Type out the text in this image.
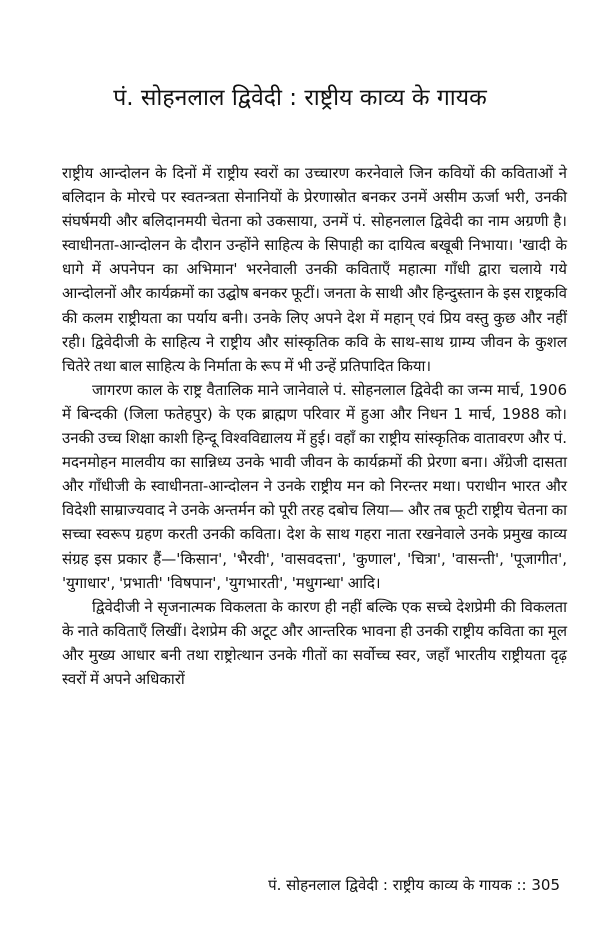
पं. सोहनलाल द्विवेदी : राष्ट्रीय काव्य के गायक

राष्ट्रीय आन्दोलन के दिनों में राष्ट्रीय स्वरों का उच्चारण करनेवाले जिन कवियों की कविताओं ने बलिदान के मोरचे पर स्वतन्त्रता सेनानियों के प्रेरणास्रोत बनकर उनमें असीम ऊर्जा भरी, उनकी संघर्षमयी और बलिदानमयी चेतना को उकसाया, उनमें पं. सोहनलाल द्विवेदी का नाम अग्रणी है। स्वाधीनता-आन्दोलन के दौरान उन्होंने साहित्य के सिपाही का दायित्व बखूबी निभाया। 'खादी के धागे में अपनेपन का अभिमान' भरनेवाली उनकी कविताएँ महात्मा गाँधी द्वारा चलाये गये आन्दोलनों और कार्यक्रमों का उद्घोष बनकर फूटीं। जनता के साथी और हिन्दुस्तान के इस राष्ट्रकवि की कलम राष्ट्रीयता का पर्याय बनी। उनके लिए अपने देश में महान् एवं प्रिय वस्तु कुछ और नहीं रही। द्विवेदीजी के साहित्य ने राष्ट्रीय और सांस्कृतिक कवि के साथ-साथ ग्राम्य जीवन के कुशल चितेरे तथा बाल साहित्य के निर्माता के रूप में भी उन्हें प्रतिपादित किया।

जागरण काल के राष्ट्र वैतालिक माने जानेवाले पं. सोहनलाल द्विवेदी का जन्म मार्च, 1906 में बिन्दकी (जिला फतेहपुर) के एक ब्राह्मण परिवार में हुआ और निधन 1 मार्च, 1988 को। उनकी उच्च शिक्षा काशी हिन्दू विश्वविद्यालय में हुई। वहाँ का राष्ट्रीय सांस्कृतिक वातावरण और पं. मदनमोहन मालवीय का सान्निध्य उनके भावी जीवन के कार्यक्रमों की प्रेरणा बना। अँग्रेजी दासता और गाँधीजी के स्वाधीनता-आन्दोलन ने उनके राष्ट्रीय मन को निरन्तर मथा। पराधीन भारत और विदेशी साम्राज्यवाद ने उनके अन्तर्मन को पूरी तरह दबोच लिया— और तब फूटी राष्ट्रीय चेतना का सच्चा स्वरूप ग्रहण करती उनकी कविता। देश के साथ गहरा नाता रखनेवाले उनके प्रमुख काव्य संग्रह इस प्रकार हैं—'किसान', 'भैरवी', 'वासवदत्ता', 'कुणाल', 'चित्रा', 'वासन्ती', 'पूजागीत', 'युगाधार', 'प्रभाती' 'विषपान', 'युगभारती', 'मधुगन्धा' आदि।

द्विवेदीजी ने सृजनात्मक विकलता के कारण ही नहीं बल्कि एक सच्चे देशप्रेमी की विकलता के नाते कविताएँ लिखीं। देशप्रेम की अटूट और आन्तरिक भावना ही उनकी राष्ट्रीय कविता का मूल और मुख्य आधार बनी तथा राष्ट्रोत्थान उनके गीतों का सर्वोच्च स्वर, जहाँ भारतीय राष्ट्रीयता दृढ़ स्वरों में अपने अधिकारों

पं. सोहनलाल द्विवेदी : राष्ट्रीय काव्य के गायक :: 305
